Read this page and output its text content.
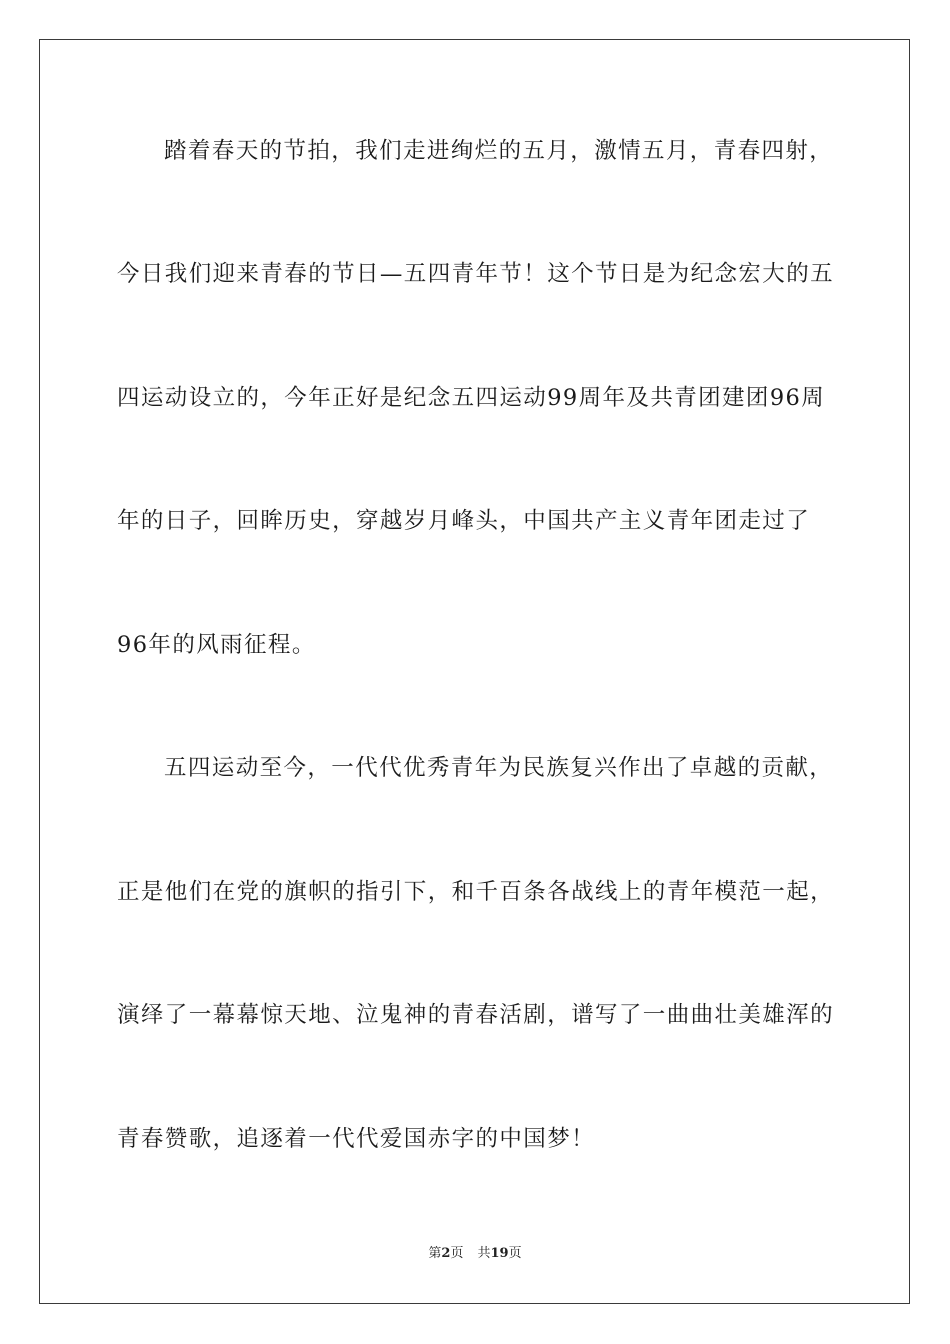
踏着春天的节拍，我们走进绚烂的五月，激情五月，青春四射，
今日我们迎来青春的节日—五四青年节！这个节日是为纪念宏大的五
四运动设立的，今年正好是纪念五四运动99周年及共青团建团96周
年的日子，回眸历史，穿越岁月峰头，中国共产主义青年团走过了
96年的风雨征程。
五四运动至今，一代代优秀青年为民族复兴作出了卓越的贡献，
正是他们在党的旗帜的指引下，和千百条各战线上的青年模范一起，
演绎了一幕幕惊天地、泣鬼神的青春活剧，谱写了一曲曲壮美雄浑的
青春赞歌，追逐着一代代爱国赤字的中国梦！
第2页 共19页
